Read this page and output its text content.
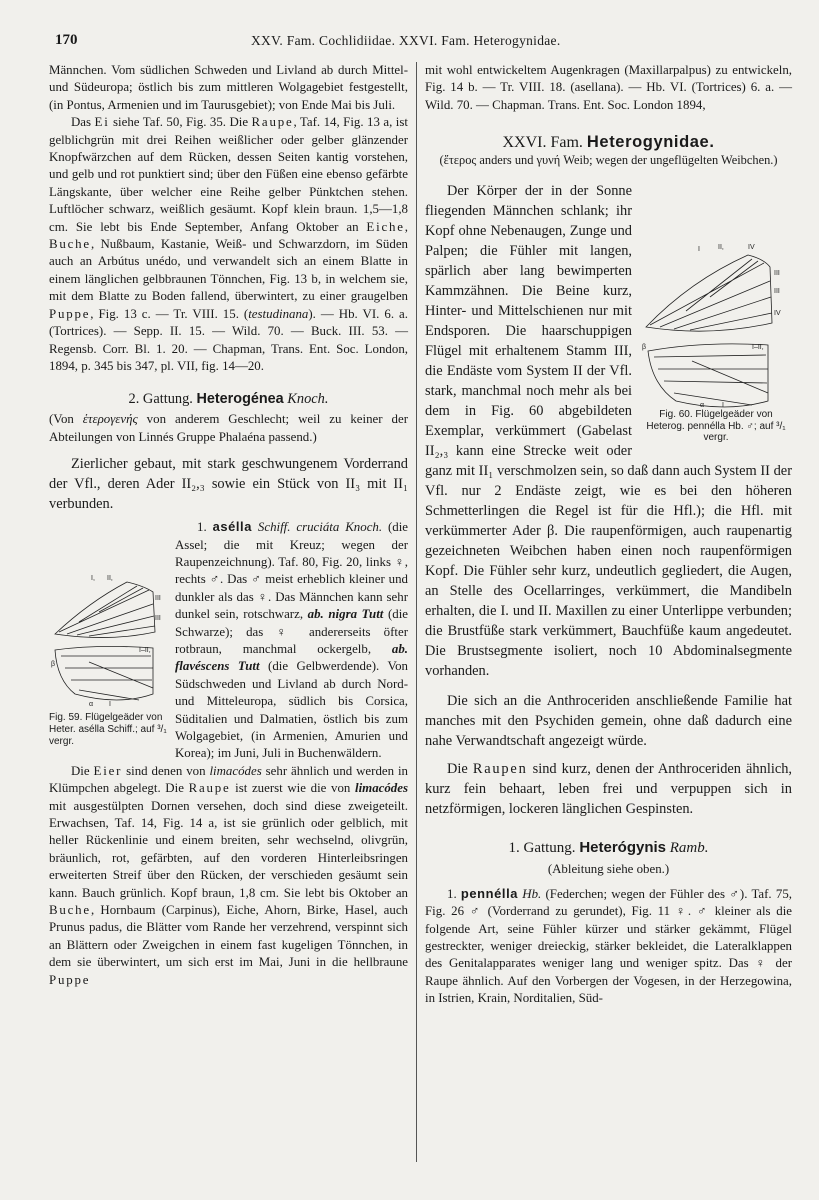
170	XXV. Fam. Cochlidiidae. XXVI. Fam. Heterogynidae.

Männchen. Vom südlichen Schweden und Livland ab durch Mittel- und Südeuropa; östlich bis zum mittleren Wolgagebiet festgestellt, (in Pontus, Armenien und im Taurusgebiet); von Ende Mai bis Juli.

Das Ei siehe Taf. 50, Fig. 35. Die Raupe, Taf. 14, Fig. 13 a, ist gelblichgrün mit drei Reihen weißlicher oder gelber glänzender Knopfwärzchen auf dem Rücken, dessen Seiten kantig vorstehen, und gelb und rot punktiert sind; über den Füßen eine ebenso gefärbte Längskante, über welcher eine Reihe gelber Pünktchen stehen. Luftlöcher schwarz, weißlich gesäumt. Kopf klein braun. 1,5—1,8 cm. Sie lebt bis Ende September, Anfang Oktober an Eiche, Buche, Nußbaum, Kastanie, Weiß- und Schwarzdorn, im Süden auch an Arbútus unédo, und verwandelt sich an einem Blatte in einem länglichen gelbbraunen Tönnchen, Fig. 13 b, in welchem sie, mit dem Blatte zu Boden fallend, überwintert, zu einer graugelben Puppe, Fig. 13 c. — Tr. VIII. 15. (testudinana). — Hb. VI. 6. a. (Tortrices). — Sepp. II. 15. — Wild. 70. — Buck. III. 53. — Regensb. Corr. Bl. 1. 20. — Chapman, Trans. Ent. Soc. London, 1894, p. 345 bis 347, pl. VII, fig. 14—20.

2. Gattung. Heterogénea Knoch.

(Von ἑτερογενής von anderem Geschlecht; weil zu keiner der Abteilungen von Linnés Gruppe Phalaéna passend.)

Zierlicher gebaut, mit stark geschwungenem Vorderrand der Vfl., deren Ader II₂,₃ sowie ein Stück von II₃ mit II₁ verbunden.

I, II,
III
III
I–II,
β
α I
Fig. 59. Flügelgeäder von Heter. asélla Schiff.; auf ³/₁ vergr.

1. asélla Schiff. cruciáta Knoch. (die Assel; die mit Kreuz; wegen der Raupenzeichnung). Taf. 80, Fig. 20, links ♀, rechts ♂. Das ♂ meist erheblich kleiner und dunkler als das ♀. Das Männchen kann sehr dunkel sein, rotschwarz, ab. nigra Tutt (die Schwarze); das ♀ andererseits öfter rotbraun, manchmal ockergelb, ab. flavéscens Tutt (die Gelbwerdende). Von Südschweden und Livland ab durch Nord- und Mitteleuropa, südlich bis Corsica, Süditalien und Dalmatien, östlich bis zum Wolgagebiet, (in Armenien, Amurien und Korea); im Juni, Juli in Buchenwäldern.

Die Eier sind denen von limacódes sehr ähnlich und werden in Klümpchen abgelegt. Die Raupe ist zuerst wie die von limacódes mit ausgestülpten Dornen versehen, doch sind diese zweigeteilt. Erwachsen, Taf. 14, Fig. 14 a, ist sie grünlich oder gelblich, mit heller Rückenlinie und einem breiten, sehr wechselnd, olivgrün, bräunlich, rot, gefärbten, auf den vorderen Hinterleibsringen erweiterten Streif über den Rücken, der verschieden gesäumt sein kann. Bauch grünlich. Kopf braun, 1,8 cm. Sie lebt bis Oktober an Buche, Hornbaum (Carpinus), Eiche, Ahorn, Birke, Hasel, auch Prunus padus, die Blätter vom Rande her verzehrend, verspinnt sich an Blättern oder Zweigchen in einem fast kugeligen Tönnchen, in dem sie überwintert, um sich erst im Mai, Juni in die hellbraune Puppe

mit wohl entwickeltem Augenkragen (Maxillarpalpus) zu entwickeln, Fig. 14 b. — Tr. VIII. 18. (asellana). — Hb. VI. (Tortrices) 6. a. — Wild. 70. — Chapman. Trans. Ent. Soc. London 1894,

XXVI. Fam. Heterogynidae.

(ἕτερος anders und γυνή Weib; wegen der ungeflügelten Weibchen.)

I	II,	IV
III
III
IV
I–II,
β
α	I
Fig. 60. Flügelgeäder von Heterog. pennélla Hb. ♂; auf ³/₁ vergr.

Der Körper der in der Sonne fliegenden Männchen schlank; ihr Kopf ohne Nebenaugen, Zunge und Palpen; die Fühler mit langen, spärlich aber lang bewimperten Kammzähnen. Die Beine kurz, Hinter- und Mittelschienen nur mit Endsporen. Die haarschuppigen Flügel mit erhaltenem Stamm III, die Endäste vom System II der Vfl. stark, manchmal noch mehr als bei dem in Fig. 60 abgebildeten Exemplar, verkümmert (Gabelast II₂,₃ kann eine Strecke weit oder ganz mit II₁ verschmolzen sein, so daß dann auch System II der Vfl. nur 2 Endäste zeigt, wie es bei den höheren Schmetterlingen die Regel ist für die Hfl.); die Hfl. mit verkümmerter Ader β. Die raupenförmigen, auch raupenartig gezeichneten Weibchen haben einen noch raupenförmigen Kopf. Die Fühler sehr kurz, undeutlich gegliedert, die Augen, an Stelle des Ocellarringes, verkümmert, die Mandibeln erhalten, die I. und II. Maxillen zu einer Unterlippe verbunden; die Brustfüße stark verkümmert, Bauchfüße kaum angedeutet. Die Brustsegmente isoliert, noch 10 Abdominalsegmente vorhanden.

Die sich an die Anthroceriden anschließende Familie hat manches mit den Psychiden gemein, ohne daß dadurch eine nahe Verwandtschaft angezeigt würde.

Die Raupen sind kurz, denen der Anthroceriden ähnlich, kurz fein behaart, leben frei und verpuppen sich in netzförmigen, lockeren länglichen Gespinsten.

1. Gattung. Heterógynis Ramb.

(Ableitung siehe oben.)

1. pennélla Hb. (Federchen; wegen der Fühler des ♂). Taf. 75, Fig. 26 ♂ (Vorderrand zu gerundet), Fig. 11 ♀. ♂ kleiner als die folgende Art, seine Fühler kürzer und stärker gekämmt, Flügel gestreckter, weniger dreieckig, stärker bekleidet, die Lateralklappen des Genitalapparates weniger lang und weniger spitz. Das ♀ der Raupe ähnlich. Auf den Vorbergen der Vogesen, in der Herzegowina, in Istrien, Krain, Norditalien, Süd-
